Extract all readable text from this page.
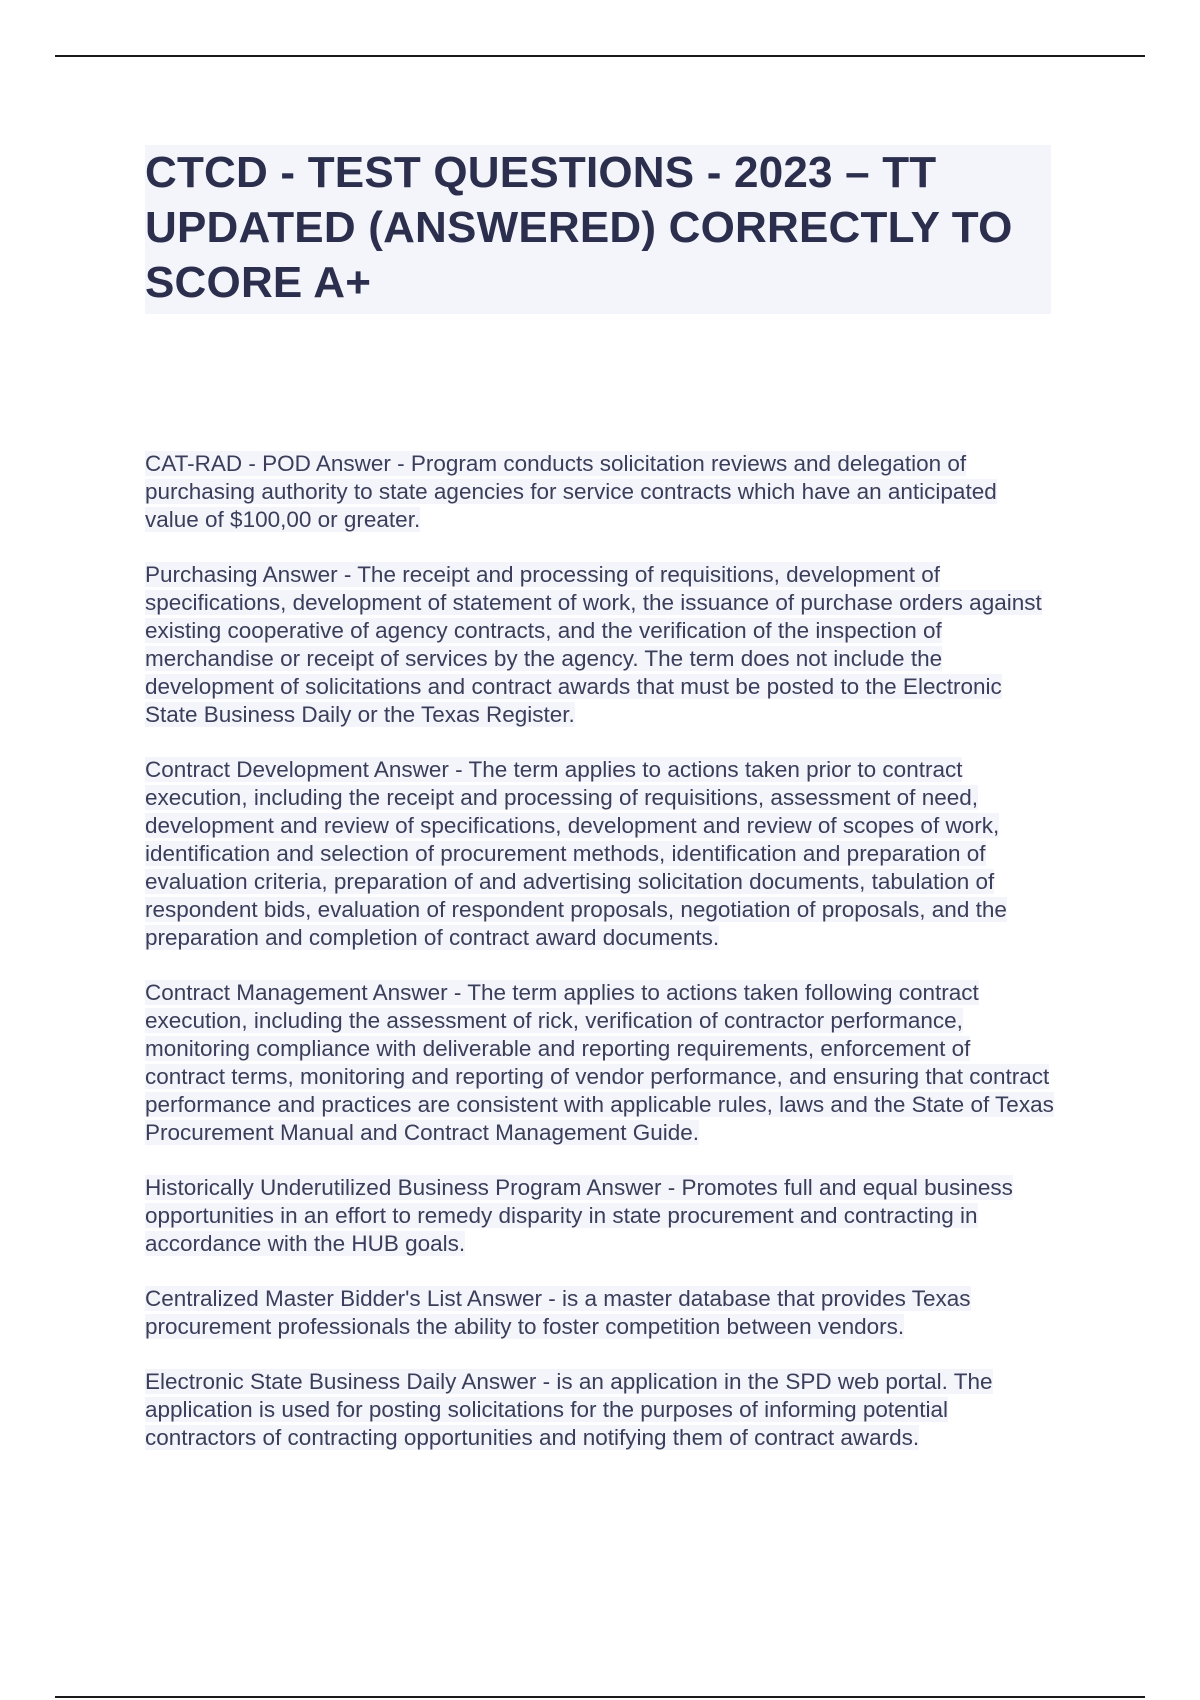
CTCD - TEST QUESTIONS - 2023 – TT UPDATED (ANSWERED) CORRECTLY TO SCORE A+

CAT-RAD - POD Answer - Program conducts solicitation reviews and delegation of purchasing authority to state agencies for service contracts which have an anticipated value of $100,00 or greater.

Purchasing Answer - The receipt and processing of requisitions, development of specifications, development of statement of work, the issuance of purchase orders against existing cooperative of agency contracts, and the verification of the inspection of merchandise or receipt of services by the agency. The term does not include the development of solicitations and contract awards that must be posted to the Electronic State Business Daily or the Texas Register.

Contract Development Answer - The term applies to actions taken prior to contract execution, including the receipt and processing of requisitions, assessment of need, development and review of specifications, development and review of scopes of work, identification and selection of procurement methods, identification and preparation of evaluation criteria, preparation of and advertising solicitation documents, tabulation of respondent bids, evaluation of respondent proposals, negotiation of proposals, and the preparation and completion of contract award documents.

Contract Management Answer - The term applies to actions taken following contract execution, including the assessment of rick, verification of contractor performance, monitoring compliance with deliverable and reporting requirements, enforcement of contract terms, monitoring and reporting of vendor performance, and ensuring that contract performance and practices are consistent with applicable rules, laws and the State of Texas Procurement Manual and Contract Management Guide.

Historically Underutilized Business Program Answer - Promotes full and equal business opportunities in an effort to remedy disparity in state procurement and contracting in accordance with the HUB goals.

Centralized Master Bidder's List Answer - is a master database that provides Texas procurement professionals the ability to foster competition between vendors.

Electronic State Business Daily Answer - is an application in the SPD web portal. The application is used for posting solicitations for the purposes of informing potential contractors of contracting opportunities and notifying them of contract awards.
